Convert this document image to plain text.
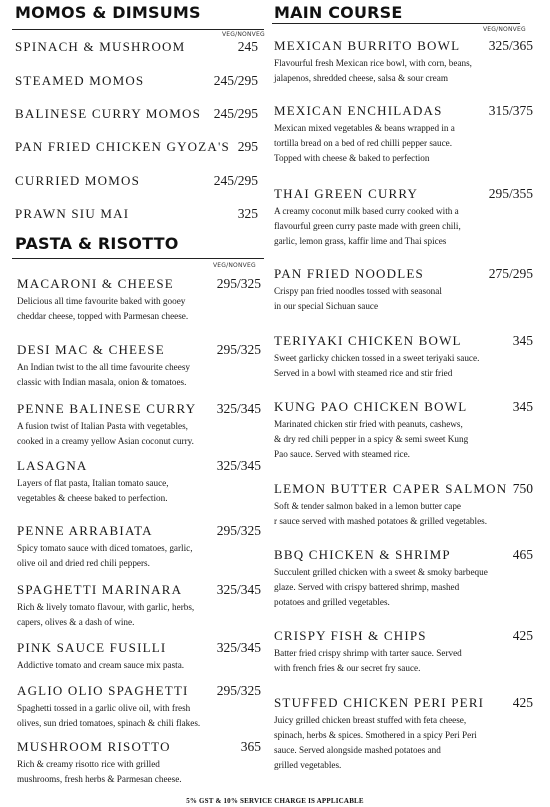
MOMOS & DIMSUMS
VEG/NONVEG
SPINACH & MUSHROOM	245
STEAMED MOMOS	245/295
BALINESE CURRY MOMOS 245/295
PAN FRIED CHICKEN GYOZA'S 295
CURRIED MOMOS	245/295
PRAWN SIU MAI	325
PASTA & RISOTTO
VEG/NONVEG
MACARONI & CHEESE	295/325
Delicious all time favourite baked with gooey
cheddar cheese, topped with Parmesan cheese.
DESI MAC & CHEESE	295/325
An Indian twist to the all time favourite cheesy
classic with Indian masala, onion & tomatoes.
PENNE BALINESE CURRY 325/345
A fusion twist of Italian Pasta with vegetables,
cooked in a creamy yellow Asian coconut curry.
LASAGNA	325/345
Layers of flat pasta, Italian tomato sauce,
vegetables & cheese baked to perfection.
PENNE ARRABIATA	295/325
Spicy tomato sauce with diced tomatoes, garlic,
olive oil and dried red chili peppers.
SPAGHETTI MARINARA	325/345
Rich & lively tomato flavour, with garlic, herbs,
capers, olives & a dash of wine.
PINK SAUCE FUSILLI	325/345
Addictive tomato and cream sauce mix pasta.
AGLIO OLIO SPAGHETTI 295/325
Spaghetti tossed in a garlic olive oil, with fresh
olives, sun dried tomatoes, spinach & chili flakes.
MUSHROOM RISOTTO	365
Rich & creamy risotto rice with grilled
mushrooms, fresh herbs & Parmesan cheese.
MAIN COURSE
VEG/NONVEG
MEXICAN BURRITO BOWL 325/365
Flavourful fresh Mexican rice bowl, with corn, beans,
jalapenos, shredded cheese, salsa & sour cream
MEXICAN ENCHILADAS	315/375
Mexican mixed vegetables & beans wrapped in a
tortilla bread on a bed of red chilli pepper sauce.
Topped with cheese & baked to perfection
THAI GREEN CURRY	295/355
A creamy coconut milk based curry cooked with a
flavourful green curry paste made with green chili,
garlic, lemon grass, kaffir lime and Thai spices
PAN FRIED NOODLES	275/295
Crispy pan fried noodles tossed with seasonal
in our special Sichuan sauce
TERIYAKI CHICKEN BOWL	345
Sweet garlicky chicken tossed in a sweet teriyaki sauce.
Served in a bowl with steamed rice and stir fried
KUNG PAO CHICKEN BOWL	345
Marinated chicken stir fried with peanuts, cashews,
& dry red chili pepper in a spicy & semi sweet Kung
Pao sauce. Served with steamed rice.
LEMON BUTTER CAPER SALMON 750
Soft & tender salmon baked in a lemon butter cape
r sauce served with mashed potatoes & grilled vegetables.
BBQ CHICKEN & SHRIMP	465
Succulent grilled chicken with a sweet & smoky barbeque
glaze. Served with crispy battered shrimp, mashed
potatoes and grilled vegetables.
CRISPY FISH & CHIPS	425
Batter fried crispy shrimp with tarter sauce. Served
with french fries & our secret fry sauce.
STUFFED CHICKEN PERI PERI 425
Juicy grilled chicken breast stuffed with feta cheese,
spinach, herbs & spices. Smothered in a spicy Peri Peri
sauce. Served alongside mashed potatoes and
grilled vegetables.
5% GST & 10% SERVICE CHARGE IS APPLICABLE
